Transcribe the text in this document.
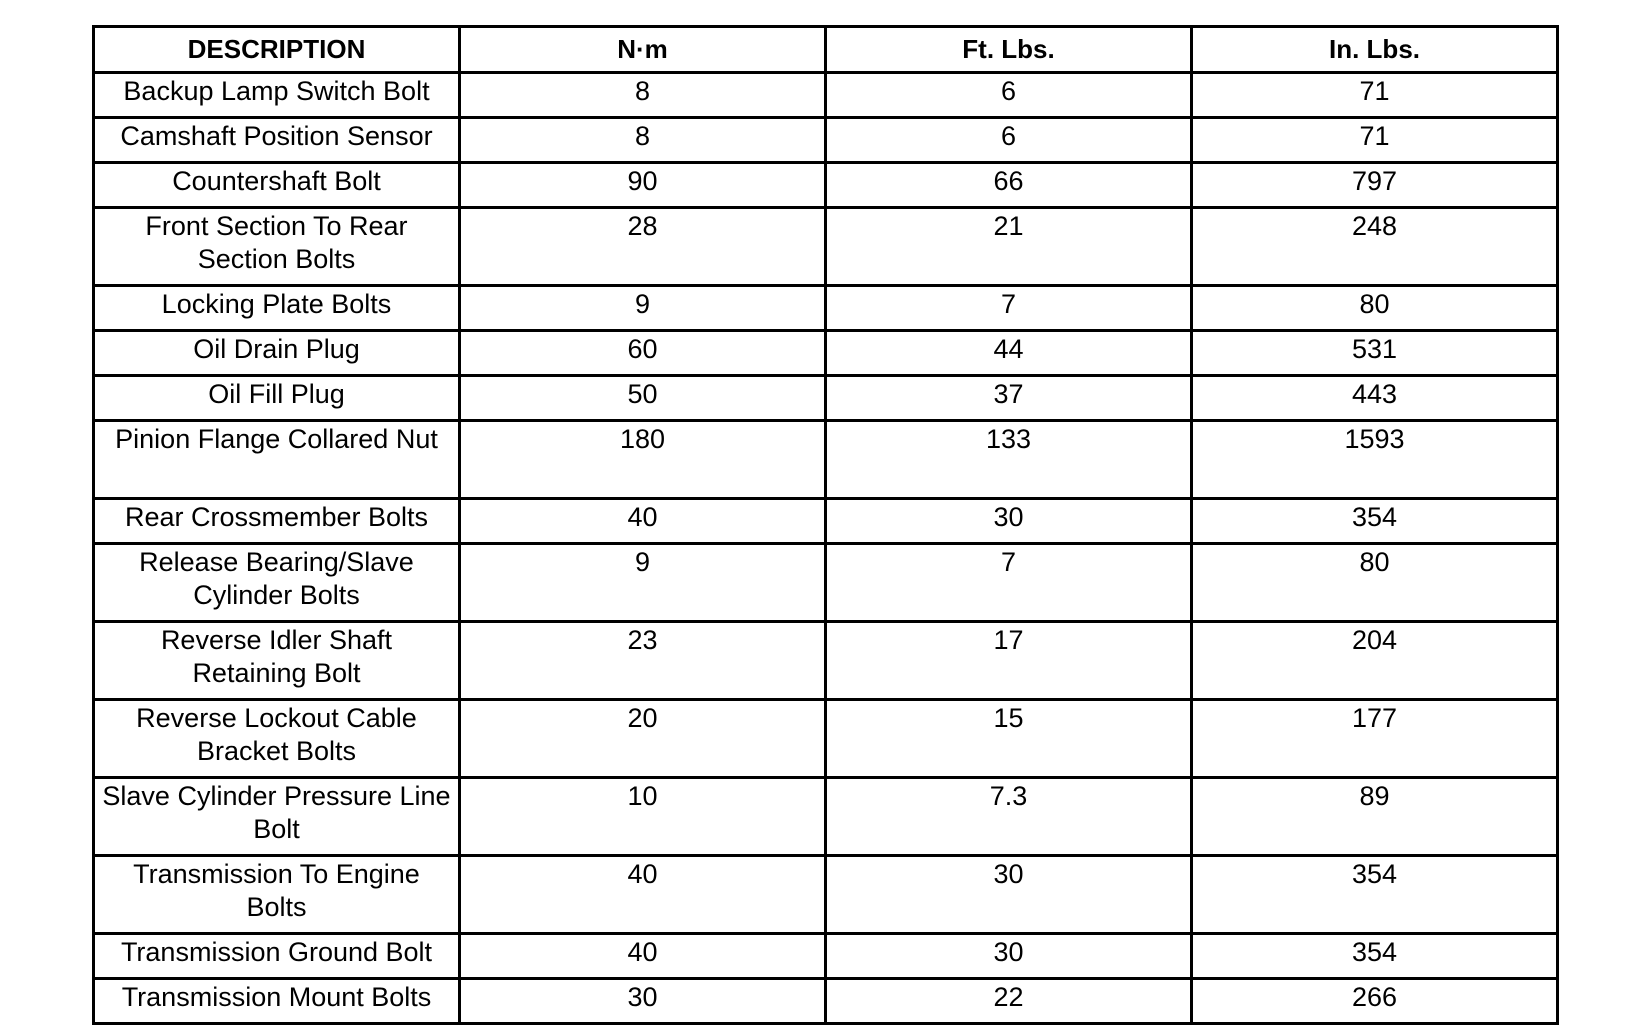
DESCRIPTION	N·m	Ft. Lbs.	In. Lbs.
Backup Lamp Switch Bolt	8	6	71
Camshaft Position Sensor	8	6	71
Countershaft Bolt	90	66	797
Front Section To Rear Section Bolts	28	21	248
Locking Plate Bolts	9	7	80
Oil Drain Plug	60	44	531
Oil Fill Plug	50	37	443
Pinion Flange Collared Nut	180	133	1593
Rear Crossmember Bolts	40	30	354
Release Bearing/Slave Cylinder Bolts	9	7	80
Reverse Idler Shaft Retaining Bolt	23	17	204
Reverse Lockout Cable Bracket Bolts	20	15	177
Slave Cylinder Pressure Line Bolt	10	7.3	89
Transmission To Engine Bolts	40	30	354
Transmission Ground Bolt	40	30	354
Transmission Mount Bolts	30	22	266
